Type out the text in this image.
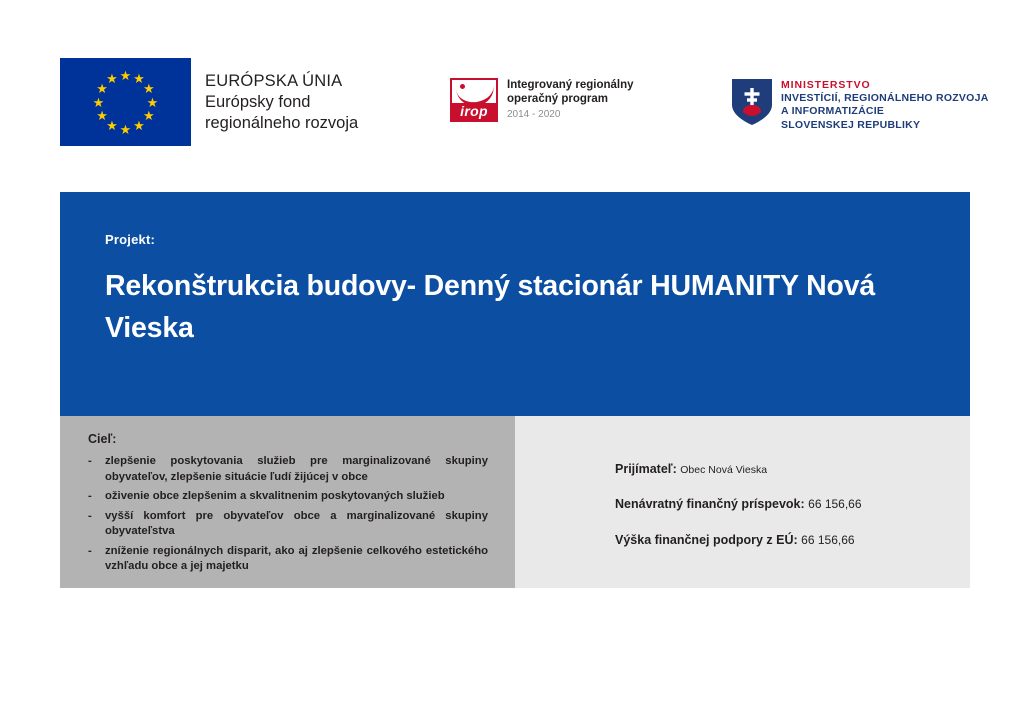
★ ★
★
★
★
★
★
★
★
★
★
★	EURÓPSKA ÚNIA
Európsky fond
regionálneho rozvoja
irop
Integrovaný regionálny
operačný program
2014 - 2020
MINISTERSTVO
INVESTÍCIÍ, REGIONÁLNEHO ROZVOJA
A INFORMATIZÁCIE
SLOVENSKEJ REPUBLIKY
Projekt:
Rekonštrukcia budovy- Denný stacionár HUMANITY Nová Vieska
Cieľ:
- zlepšenie poskytovania služieb pre marginalizované skupiny obyvateľov, zlepšenie situácie ľudí žijúcej v obce
- oživenie obce zlepšenim a skvalitnenim poskytovaných služieb
- vyšší komfort pre obyvateľov obce a marginalizované skupiny obyvateľstva
- zníženie regionálnych disparit, ako aj zlepšenie celkového estetického vzhľadu obce a jej majetku
Prijímateľ: Obec Nová Vieska
Nenávratný finančný príspevok: 66 156,66
Výška finančnej podpory z EÚ: 66 156,66
